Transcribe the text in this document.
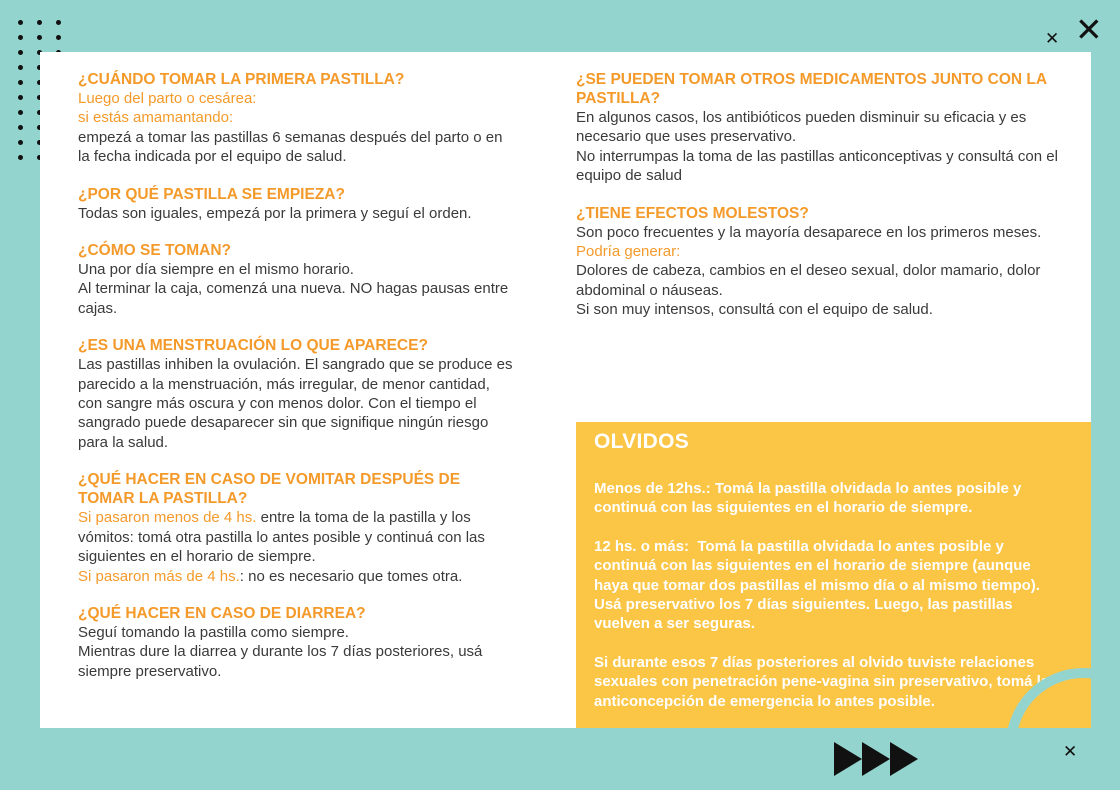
✕
✕
✕

¿CUÁNDO TOMAR LA PRIMERA PASTILLA?

Luego del parto o cesárea:

si estás amamantando:

empezá a tomar las pastillas 6 semanas después del parto o en la fecha indicada por el equipo de salud.

¿POR QUÉ PASTILLA SE EMPIEZA?

Todas son iguales, empezá por la primera y seguí el orden.

¿CÓMO SE TOMAN?

Una por día siempre en el mismo horario.

Al terminar la caja, comenzá una nueva. NO hagas pausas entre cajas.

¿ES UNA MENSTRUACIÓN LO QUE APARECE?

Las pastillas inhiben la ovulación. El sangrado que se produce es parecido a la menstruación, más irregular, de menor cantidad, con sangre más oscura y con menos dolor. Con el tiempo el sangrado puede desaparecer sin que signifique ningún riesgo para la salud.

¿QUÉ HACER EN CASO DE VOMITAR DESPUÉS DE TOMAR LA PASTILLA?

Si pasaron menos de 4 hs. entre la toma de la pastilla y los vómitos: tomá otra pastilla lo antes posible y continuá con las siguientes en el horario de siempre.

Si pasaron más de 4 hs.: no es necesario que tomes otra.

¿QUÉ HACER EN CASO DE DIARREA?

Seguí tomando la pastilla como siempre.

Mientras dure la diarrea y durante los 7 días posteriores, usá siempre preservativo.

¿SE PUEDEN TOMAR OTROS MEDICAMENTOS JUNTO CON LA PASTILLA?

En algunos casos, los antibióticos pueden disminuir su eficacia y es necesario que uses preservativo.

No interrumpas la toma de las pastillas anticonceptivas y consultá con el equipo de salud

¿TIENE EFECTOS MOLESTOS?

Son poco frecuentes y la mayoría desaparece en los primeros meses.

Podría generar:

Dolores de cabeza, cambios en el deseo sexual, dolor mamario, dolor abdominal o náuseas.

Si son muy intensos, consultá con el equipo de salud.

OLVIDOS

Menos de 12hs.: Tomá la pastilla olvidada lo antes posible y continuá con las siguientes en el horario de siempre.

12 hs. o más:  Tomá la pastilla olvidada lo antes posible y continuá con las siguientes en el horario de siempre (aunque haya que tomar dos pastillas el mismo día o al mismo tiempo). Usá preservativo los 7 días siguientes. Luego, las pastillas vuelven a ser seguras.

Si durante esos 7 días posteriores al olvido tuviste relaciones sexuales con penetración pene-vagina sin preservativo, tomá la anticoncepción de emergencia lo antes posible.
